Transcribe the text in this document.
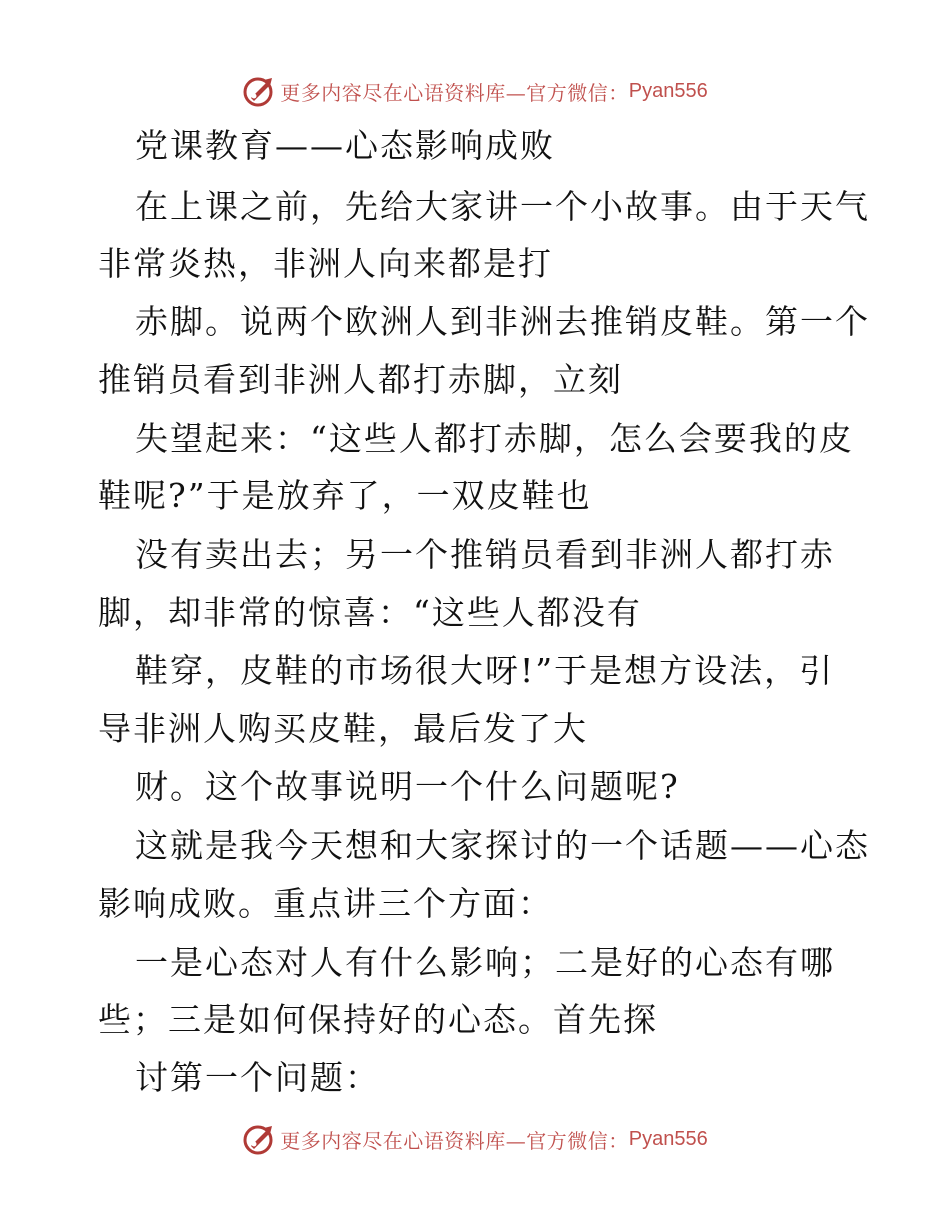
更多内容尽在心语资料库—官方微信： Pyan556
党课教育——心态影响成败
在上课之前，先给大家讲一个小故事。由于天气
非常炎热，非洲人向来都是打
赤脚。说两个欧洲人到非洲去推销皮鞋。第一个
推销员看到非洲人都打赤脚，立刻
失望起来：“这些人都打赤脚，怎么会要我的皮
鞋呢?”于是放弃了，一双皮鞋也
没有卖出去；另一个推销员看到非洲人都打赤
脚，却非常的惊喜：“这些人都没有
鞋穿，皮鞋的市场很大呀!”于是想方设法，引
导非洲人购买皮鞋，最后发了大
财。这个故事说明一个什么问题呢?
这就是我今天想和大家探讨的一个话题——心态
影响成败。重点讲三个方面：
一是心态对人有什么影响；二是好的心态有哪
些；三是如何保持好的心态。首先探
讨第一个问题：
更多内容尽在心语资料库—官方微信： Pyan556
